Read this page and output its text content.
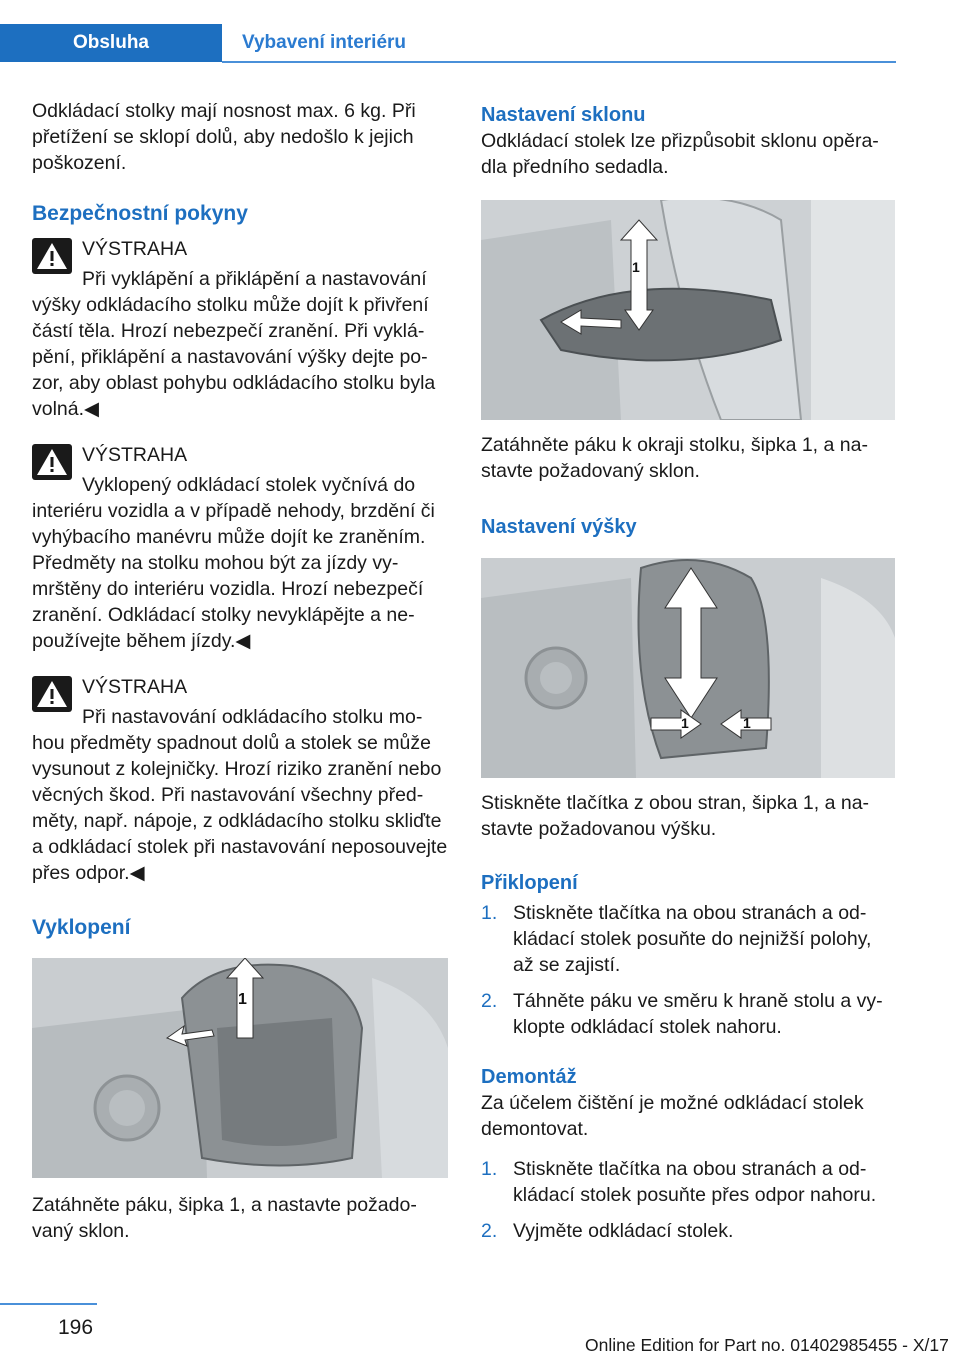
Obsluha	Vybavení interiéru

Odkládací stolky mají nosnost max. 6 kg. Při přetížení se sklopí dolů, aby nedošlo k jejich poškození.

Bezpečnostní pokyny
VÝSTRAHA
Při vyklápění a přiklápění a nastavování
výšky odkládacího stolku může dojít k přivření částí těla. Hrozí nebezpečí zranění. Při vyklápění, přiklápění a nastavování výšky dejte pozor, aby oblast pohybu odkládacího stolku byla volná.◀
VÝSTRAHA
Vyklopený odkládací stolek vyčnívá do
interiéru vozidla a v případě nehody, brzdění či vyhýbacího manévru může dojít ke zraněním. Předměty na stolku mohou být za jízdy vymrštěny do interiéru vozidla. Hrozí nebezpečí zranění. Odkládací stolky nevyklápějte a nepoužívejte během jízdy.◀
VÝSTRAHA
Při nastavování odkládacího stolku mo-
hou předměty spadnout dolů a stolek se může vysunout z kolejničky. Hrozí riziko zranění nebo věcných škod. Při nastavování všechny předměty, např. nápoje, z odkládacího stolku skliďte a odkládací stolek při nastavování neposouvejte přes odpor.◀
Vyklopení
1

Zatáhněte páku, šipka 1, a nastavte požadovaný sklon.

Nastavení sklonu

Odkládací stolek lze přizpůsobit sklonu opěradla předního sedadla.

1

Zatáhněte páku k okraji stolku, šipka 1, a nastavte požadovaný sklon.

Nastavení výšky
1	1

Stiskněte tlačítka z obou stran, šipka 1, a nastavte požadovanou výšku.

Přiklopení
1. Stiskněte tlačítka na obou stranách a odkládací stolek posuňte do nejnižší polohy, až se zajistí.
2. Táhněte páku ve směru k hraně stolu a vyklopte odkládací stolek nahoru.
Demontáž

Za účelem čištění je možné odkládací stolek demontovat.

1. Stiskněte tlačítka na obou stranách a odkládací stolek posuňte přes odpor nahoru.
2. Vyjměte odkládací stolek.
196
Online Edition for Part no. 01402985455 - X/17
